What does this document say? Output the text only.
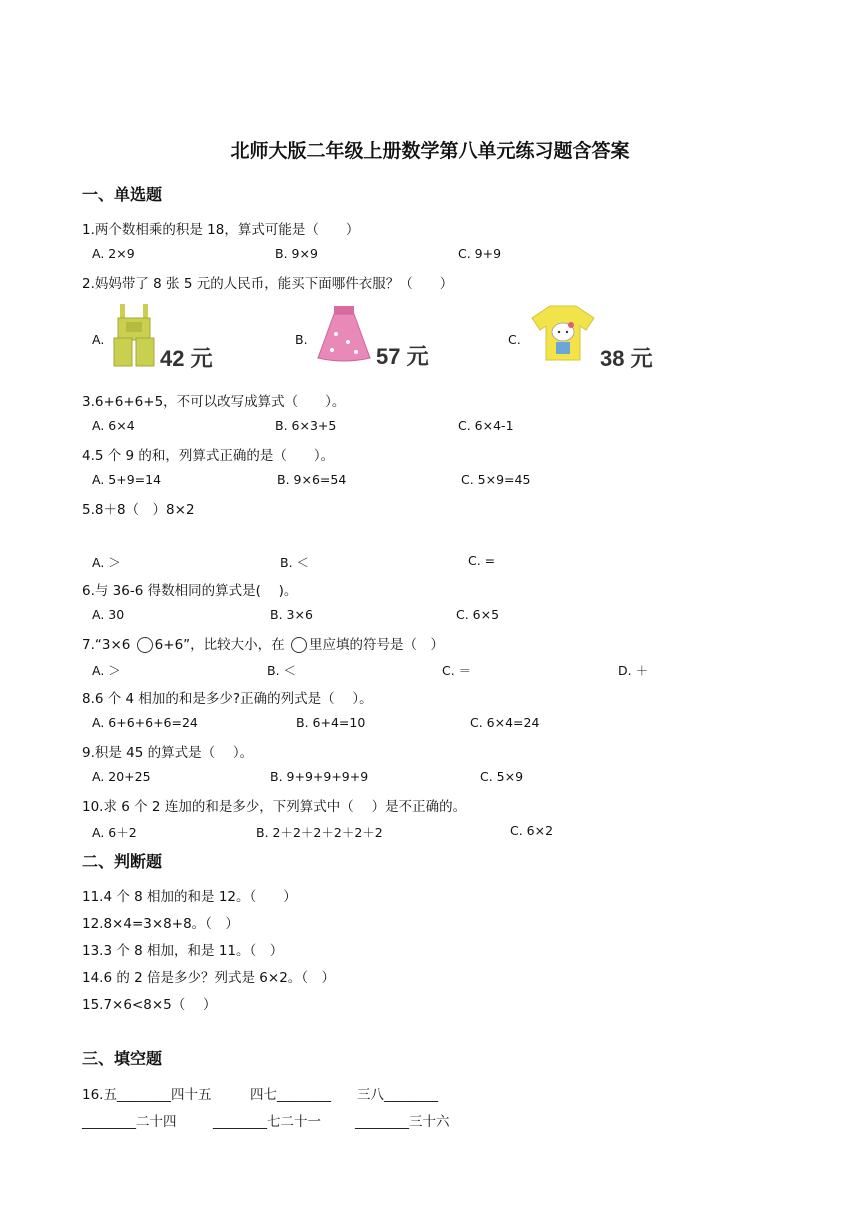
北师大版二年级上册数学第八单元练习题含答案
一、单选题
1.两个数相乘的积是 18，算式可能是（　　）
A. 2×9	B. 9×9	C. 9+9
2.妈妈带了 8 张 5 元的人民币，能买下面哪件衣服？（　　）
A.
42 元
B.
57 元
C.
38 元
3.6+6+6+5，不可以改写成算式（　　）。
A. 6×4	B. 6×3+5	C. 6×4-1
4.5 个 9 的和，列算式正确的是（　　）。
A. 5+9=14	B. 9×6=54	C. 5×9=45
5.8＋8（　）8×2
A. ＞	B. ＜	C. =
6.与 36-6 得数相同的算式是(　 )。
A. 30	B. 3×6	C. 6×5
7.“3×6 6+6”，比较大小，在 里应填的符号是（　）
A. ＞	B. ＜	C. ＝	D. ＋
8.6 个 4 相加的和是多少?正确的列式是（　 ）。
A. 6+6+6+6=24	B. 6+4=10	C. 6×4=24
9.积是 45 的算式是（　 ）。
A. 20+25	B. 9+9+9+9+9	C. 5×9
10.求 6 个 2 连加的和是多少，下列算式中（　 ）是不正确的。
A. 6＋2	B. 2＋2＋2＋2＋2＋2	C. 6×2
二、判断题
11.4 个 8 相加的和是 12。（　　）
12.8×4=3×8+8。（　）
13.3 个 8 相加，和是 11。（　）
14.6 的 2 倍是多少？列式是 6×2。（　）
15.7×6<8×5（　 ）
三、填空题
16.五________四十五	四七________ 三八________
________二十四	________七二十一	________三十六
